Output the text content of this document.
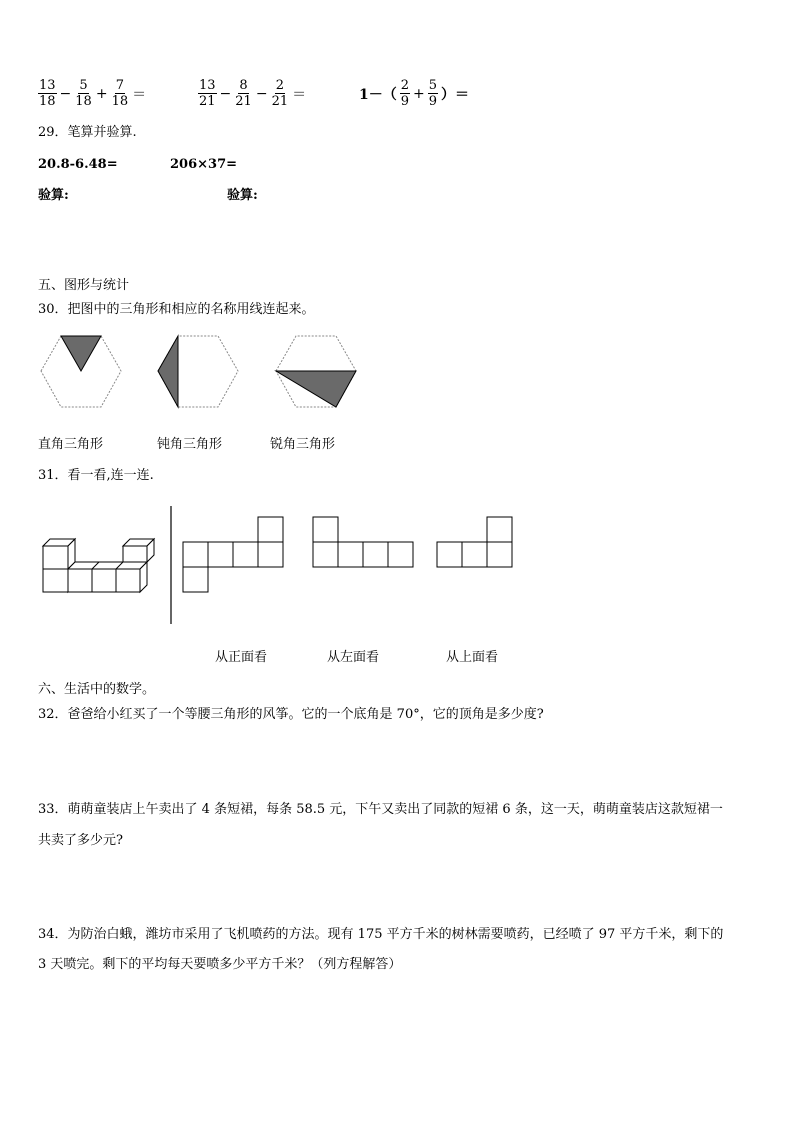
$\frac{13}{18} - \frac{5}{18} + \frac{7}{18}$ ＝	$\frac{13}{21} - \frac{8}{21} - \frac{2}{21}$ ＝	$1-( \frac{2}{9} + \frac{5}{9}$ ）＝
29．笔算并验算.
20.8-6.48=	206×37=
验算:	验算:
五、图形与统计
30．把图中的三角形和相应的名称用线连起来。
直角三角形	钝角三角形	锐角三角形
31．看一看,连一连.
从正面看	从左面看	从上面看
六、生活中的数学。
32．爸爸给小红买了一个等腰三角形的风筝。它的一个底角是 70°，它的顶角是多少度?
33．萌萌童装店上午卖出了 4 条短裙，每条 58.5 元，下午又卖出了同款的短裙 6 条，这一天，萌萌童装店这款短裙一
共卖了多少元?
34．为防治白蛾，潍坊市采用了飞机喷药的方法。现有 175 平方千米的树林需要喷药，已经喷了 97 平方千米，剩下的
3 天喷完。剩下的平均每天要喷多少平方千米？（列方程解答）
